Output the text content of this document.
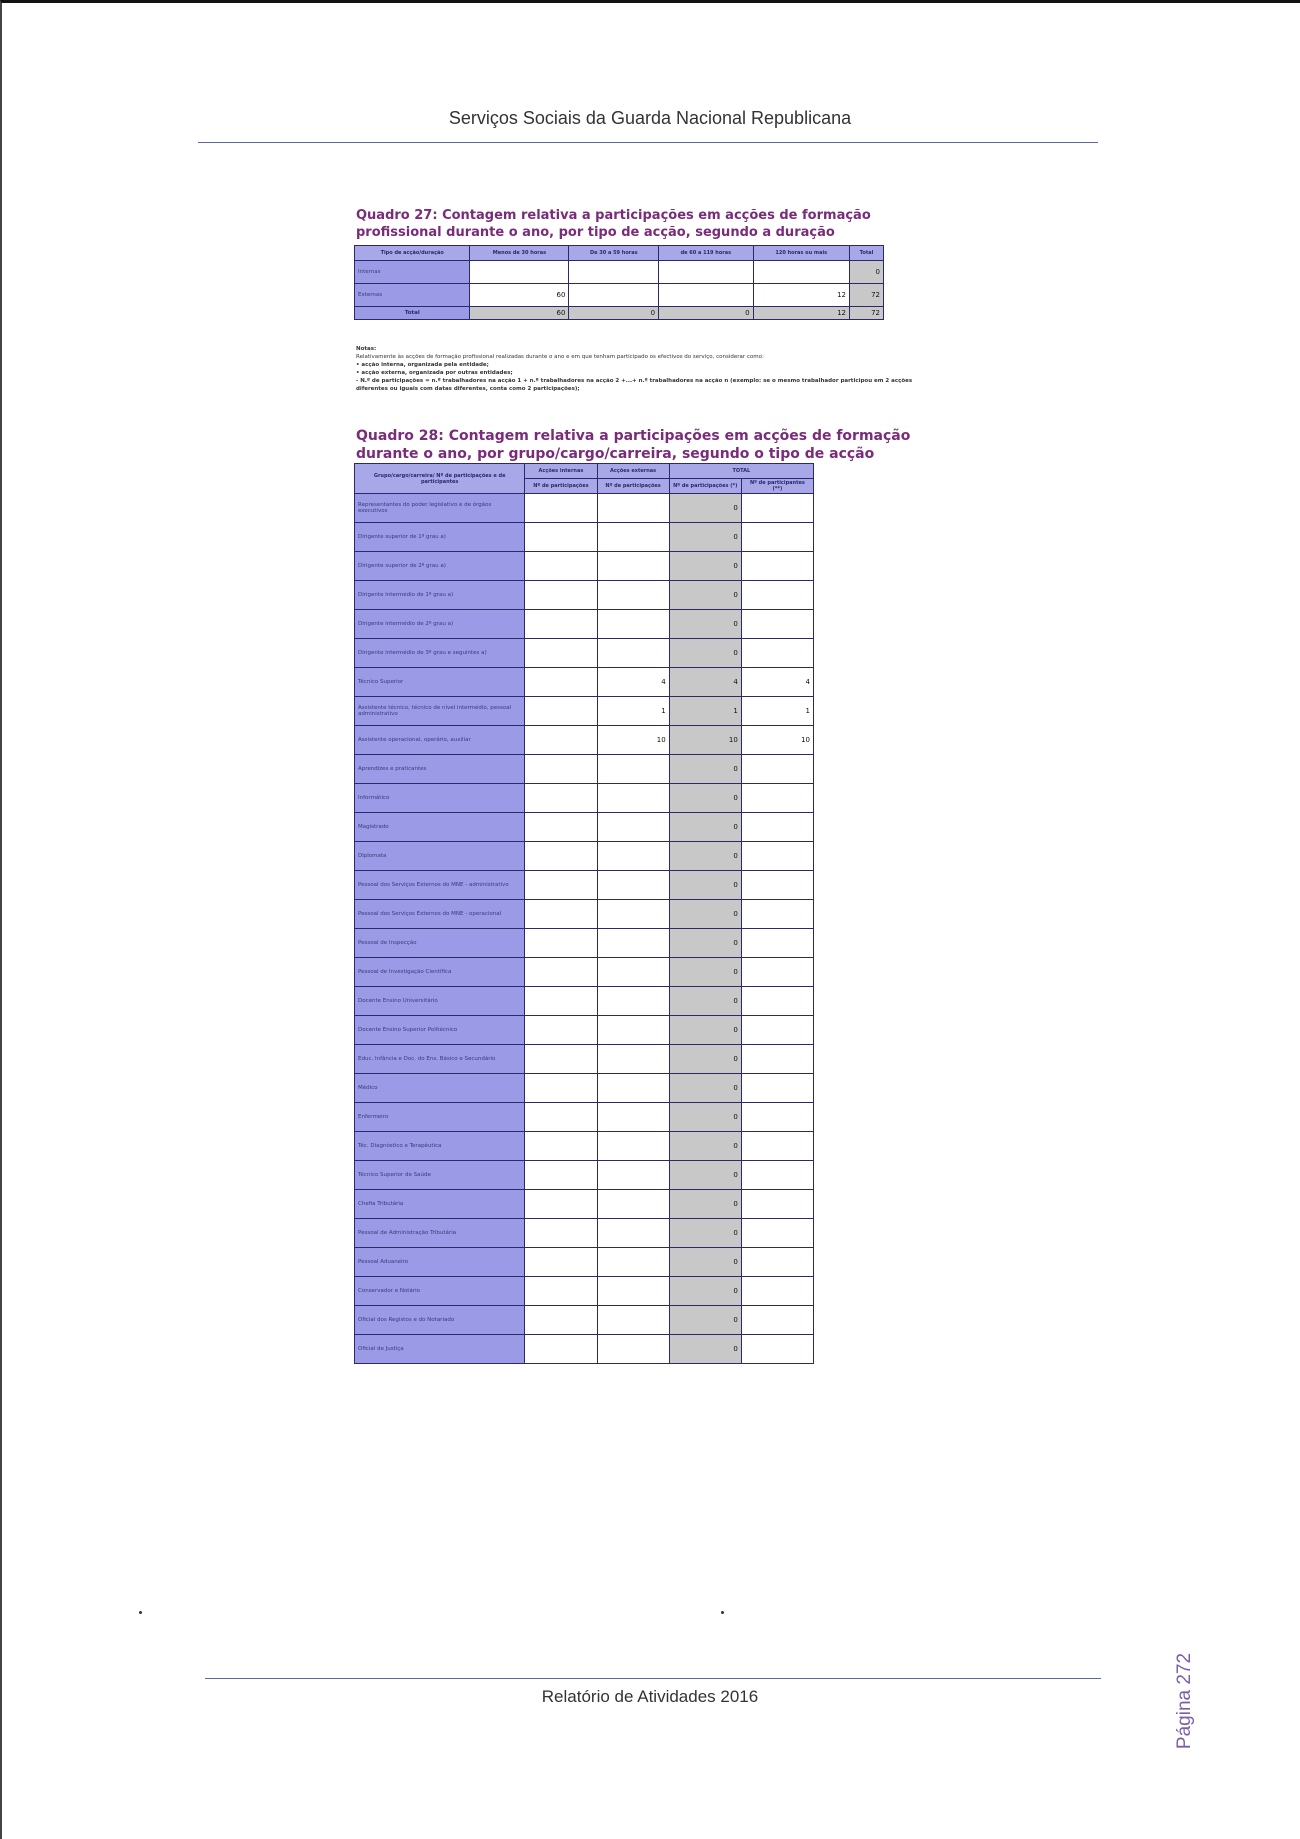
Serviços Sociais da Guarda Nacional Republicana
Quadro 27: Contagem relativa a participações em acções de formação profissional durante o ano, por tipo de acção, segundo a duração
Tipo de acção/duração	Menos de 30 horas	De 30 a 59 horas	de 60 a 119 horas	120 horas ou mais	Total
Internas					0
Externas	60			12	72
Total	60	0	0	12	72
Notas:
Relativamente às acções de formação profissional realizadas durante o ano e em que tenham participado os efectivos do serviço, considerar como:
• acção interna, organizada pela entidade;
• acção externa, organizada por outras entidades;
- N.º de participações = n.º trabalhadores na acção 1 + n.º trabalhadores na acção 2 +...+ n.º trabalhadores na acção n (exemplo: se o mesmo trabalhador participou em 2 acções diferentes ou iguais com datas diferentes, conta como 2 participações);
Quadro 28: Contagem relativa a participações em acções de formação durante o ano, por grupo/cargo/carreira, segundo o tipo de acção
Grupo/cargo/carreira/ Nº de participações e de participantes	Acções internas	Acções externas	TOTAL	
	Nº de participações	Nº de participações	Nº de participações (*)	Nº de participantes (**)
Representantes do poder legislativo e de órgãos executivos			0	
Dirigente superior de 1º grau a)			0	
Dirigente superior de 2º grau a)			0	
Dirigente intermédio de 1º grau a)			0	
Dirigente intermédio de 2º grau a)			0	
Dirigente intermédio de 3º grau e seguintes a)			0	
Técnico Superior		4	4	4
Assistente técnico, técnico de nível intermédio, pessoal administrativo		1	1	1
Assistente operacional, operário, auxiliar		10	10	10
Aprendizes e praticantes			0	
Informático			0	
Magistrado			0	
Diplomata			0	
Pessoal dos Serviços Externos do MNE - administrativo			0	
Pessoal dos Serviços Externos do MNE - operacional			0	
Pessoal de Inspecção			0	
Pessoal de Investigação Científica			0	
Docente Ensino Universitário			0	
Docente Ensino Superior Politécnico			0	
Educ. Infância e Doc. do Ens. Básico e Secundário			0	
Médico			0	
Enfermeiro			0	
Téc. Diagnóstico e Terapêutica			0	
Técnico Superior de Saúde			0	
Chefia Tributária			0	
Pessoal de Administração Tributária			0	
Pessoal Aduaneiro			0	
Conservador e Notário			0	
Oficial dos Registos e do Notariado			0	
Oficial de Justiça			0	
Página 272
Relatório de Atividades 2016
